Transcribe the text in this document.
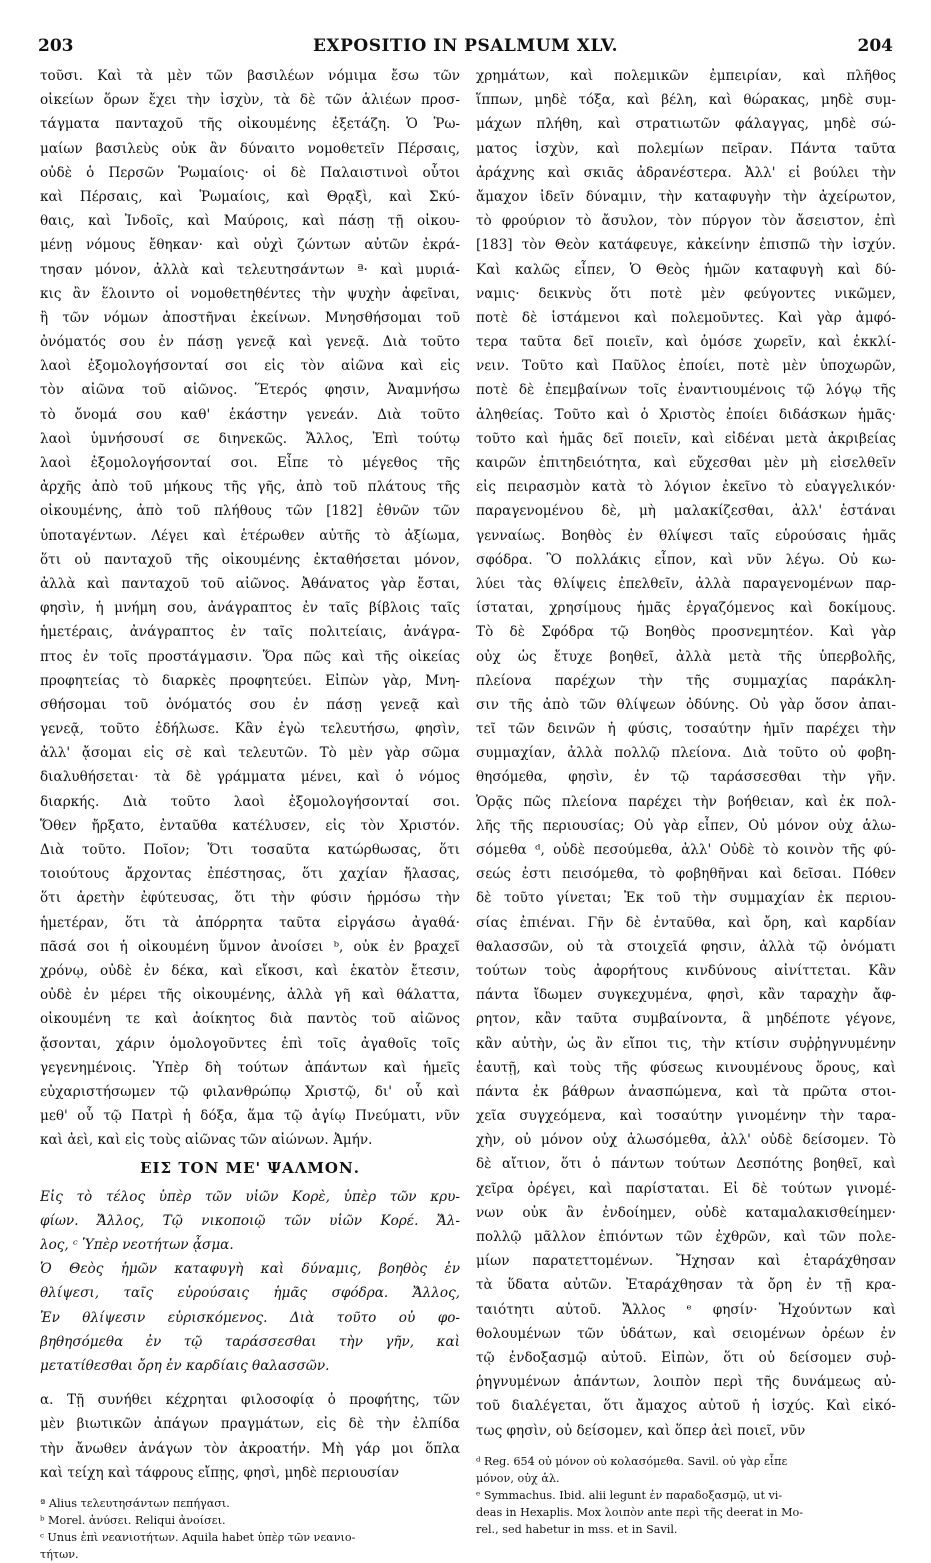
203	EXPOSITIO IN PSALMUM XLV.	204
τοῦσι. Καὶ τὰ μὲν τῶν βασιλέων νόμιμα ἔσω τῶν
οἰκείων ὅρων ἔχει τὴν ἰσχὺν, τὰ δὲ τῶν ἁλιέων προσ-
τάγματα πανταχοῦ τῆς οἰκουμένης ἐξετάζη. Ὁ Ῥω-
μαίων βασιλεὺς οὐκ ἂν δύναιτο νομοθετεῖν Πέρσαις,
οὐδὲ ὁ Περσῶν Ῥωμαίοις· οἱ δὲ Παλαιστινοὶ οὗτοι
καὶ Πέρσαις, καὶ Ῥωμαίοις, καὶ Θρᾳξὶ, καὶ Σκύ-
θαις, καὶ Ἰνδοῖς, καὶ Μαύροις, καὶ πάσῃ τῇ οἰκου-
μένῃ νόμους ἔθηκαν· καὶ οὐχὶ ζώντων αὐτῶν ἐκρά-
τησαν μόνον, ἀλλὰ καὶ τελευτησάντων ª· καὶ μυριά-
κις ἂν ἕλοιντο οἱ νομοθετηθέντες τὴν ψυχὴν ἀφεῖναι,
ἢ τῶν νόμων ἀποστῆναι ἐκείνων. Μνησθήσομαι τοῦ
ὀνόματός σου ἐν πάσῃ γενεᾷ καὶ γενεᾷ. Διὰ τοῦτο
λαοὶ ἐξομολογήσονταί σοι εἰς τὸν αἰῶνα καὶ εἰς
τὸν αἰῶνα τοῦ αἰῶνος. Ἕτερός φησιν, Ἀναμνήσω
τὸ ὄνομά σου καθ' ἑκάστην γενεάν. Διὰ τοῦτο
λαοὶ ὑμνήσουσί σε διηνεκῶς. Ἄλλος, Ἐπὶ τούτῳ
λαοὶ ἐξομολογήσονταί σοι. Εἶπε τὸ μέγεθος τῆς
ἀρχῆς ἀπὸ τοῦ μήκους τῆς γῆς, ἀπὸ τοῦ πλάτους τῆς
οἰκουμένης, ἀπὸ τοῦ πλήθους τῶν [182] ἐθνῶν τῶν
ὑποταγέντων. Λέγει καὶ ἑτέρωθεν αὐτῆς τὸ ἀξίωμα,
ὅτι οὐ πανταχοῦ τῆς οἰκουμένης ἐκταθήσεται μόνον,
ἀλλὰ καὶ πανταχοῦ τοῦ αἰῶνος. Ἀθάνατος γὰρ ἔσται,
φησὶν, ἡ μνήμη σου, ἀνάγραπτος ἐν ταῖς βίβλοις ταῖς
ἡμετέραις, ἀνάγραπτος ἐν ταῖς πολιτείαις, ἀνάγρα-
πτος ἐν τοῖς προστάγμασιν. Ὅρα πῶς καὶ τῆς οἰκείας
προφητείας τὸ διαρκὲς προφητεύει. Εἰπὼν γὰρ, Μνη-
σθήσομαι τοῦ ὀνόματός σου ἐν πάσῃ γενεᾷ καὶ
γενεᾷ, τοῦτο ἐδήλωσε. Κἂν ἐγὼ τελευτήσω, φησὶν,
ἀλλ' ᾄσομαι εἰς σὲ καὶ τελευτῶν. Τὸ μὲν γὰρ σῶμα
διαλυθήσεται· τὰ δὲ γράμματα μένει, καὶ ὁ νόμος
διαρκής. Διὰ τοῦτο λαοὶ ἐξομολογήσονταί σοι.
Ὅθεν ἤρξατο, ἐνταῦθα κατέλυσεν, εἰς τὸν Χριστόν.
Διὰ τοῦτο. Ποῖον; Ὅτι τοσαῦτα κατώρθωσας, ὅτι
τοιούτους ἄρχοντας ἐπέστησας, ὅτι χαχίαν ἤλασας,
ὅτι ἀρετὴν ἐφύτευσας, ὅτι τὴν φύσιν ἡρμόσω τὴν
ἡμετέραν, ὅτι τὰ ἀπόρρητα ταῦτα εἰργάσω ἀγαθά·
πᾶσά σοι ἡ οἰκουμένη ὕμνον ἀνοίσει ᵇ, οὐκ ἐν βραχεῖ
χρόνῳ, οὐδὲ ἐν δέκα, καὶ εἴκοσι, καὶ ἑκατὸν ἔτεσιν,
οὐδὲ ἐν μέρει τῆς οἰκουμένης, ἀλλὰ γῆ καὶ θάλαττα,
οἰκουμένη τε καὶ ἀοίκητος διὰ παντὸς τοῦ αἰῶνος
ᾄσονται, χάριν ὁμολογοῦντες ἐπὶ τοῖς ἀγαθοῖς τοῖς
γεγενημένοις. Ὑπὲρ δὴ τούτων ἁπάντων καὶ ἡμεῖς
εὐχαριστήσωμεν τῷ φιλανθρώπῳ Χριστῷ, δι' οὗ καὶ
μεθ' οὗ τῷ Πατρὶ ἡ δόξα, ἅμα τῷ ἁγίῳ Πνεύματι, νῦν
καὶ ἀεὶ, καὶ εἰς τοὺς αἰῶνας τῶν αἰώνων. Ἀμήν.
ΕΙΣ ΤΟΝ ΜΕ' ΨΑΛΜΟΝ.
Εἰς τὸ τέλος ὑπὲρ τῶν υἱῶν Κορὲ, ὑπὲρ τῶν κρυ-
φίων. Ἄλλος, Τῷ νικοποιῷ τῶν υἱῶν Κορέ. Ἄλ-
λος, ᶜ Ὑπὲρ νεοτήτων ᾆσμα.
Ὁ Θεὸς ἡμῶν καταφυγὴ καὶ δύναμις, βοηθὸς ἐν
θλίψεσι, ταῖς εὑρούσαις ἡμᾶς σφόδρα. Ἄλλος,
Ἐν θλίψεσιν εὑρισκόμενος. Διὰ τοῦτο οὐ φο-
βηθησόμεθα ἐν τῷ ταράσσεσθαι τὴν γῆν, καὶ
μετατίθεσθαι ὄρη ἐν καρδίαις θαλασσῶν.
α. Τῇ συνήθει κέχρηται φιλοσοφίᾳ ὁ προφήτης, τῶν
μὲν βιωτικῶν ἀπάγων πραγμάτων, εἰς δὲ τὴν ἐλπίδα
τὴν ἄνωθεν ἀνάγων τὸν ἀκροατήν. Μὴ γάρ μοι ὅπλα
καὶ τείχη καὶ τάφρους εἴπῃς, φησὶ, μηδὲ περιουσίαν
ª Alius τελευτησάντων πεπήγασι.
ᵇ Morel. ἀνύσει. Reliqui ἀνοίσει.
ᶜ Unus ἐπὶ νεανιοτήτων. Aquila habet ὑπὲρ τῶν νεανιο-
τήτων.
χρημάτων, καὶ πολεμικῶν ἐμπειρίαν, καὶ πλῆθος
ἵππων, μηδὲ τόξα, καὶ βέλη, καὶ θώρακας, μηδὲ συμ-
μάχων πλήθη, καὶ στρατιωτῶν φάλαγγας, μηδὲ σώ-
ματος ἰσχὺν, καὶ πολεμίων πεῖραν. Πάντα ταῦτα
ἀράχνης καὶ σκιᾶς ἀδρανέστερα. Ἀλλ' εἰ βούλει τὴν
ἄμαχον ἰδεῖν δύναμιν, τὴν καταφυγὴν τὴν ἀχείρωτον,
τὸ φρούριον τὸ ἄσυλον, τὸν πύργον τὸν ἄσειστον, ἐπὶ
[183] τὸν Θεὸν κατάφευγε, κἀκείνην ἐπισπῶ τὴν ἰσχύν.
Καὶ καλῶς εἶπεν, Ὁ Θεὸς ἡμῶν καταφυγὴ καὶ δύ-
ναμις· δεικνὺς ὅτι ποτὲ μὲν φεύγοντες νικῶμεν,
ποτὲ δὲ ἱστάμενοι καὶ πολεμοῦντες. Καὶ γὰρ ἀμφό-
τερα ταῦτα δεῖ ποιεῖν, καὶ ὁμόσε χωρεῖν, καὶ ἐκκλί-
νειν. Τοῦτο καὶ Παῦλος ἐποίει, ποτὲ μὲν ὑποχωρῶν,
ποτὲ δὲ ἐπεμβαίνων τοῖς ἐναντιουμένοις τῷ λόγῳ τῆς
ἀληθείας. Τοῦτο καὶ ὁ Χριστὸς ἐποίει διδάσκων ἡμᾶς·
τοῦτο καὶ ἡμᾶς δεῖ ποιεῖν, καὶ εἰδέναι μετὰ ἀκριβείας
καιρῶν ἐπιτηδειότητα, καὶ εὔχεσθαι μὲν μὴ εἰσελθεῖν
εἰς πειρασμὸν κατὰ τὸ λόγιον ἐκεῖνο τὸ εὐαγγελικόν·
παραγενομένου δὲ, μὴ μαλακίζεσθαι, ἀλλ' ἑστάναι
γενναίως. Βοηθὸς ἐν θλίψεσι ταῖς εὑρούσαις ἡμᾶς
σφόδρα. Ὃ πολλάκις εἶπον, καὶ νῦν λέγω. Οὐ κω-
λύει τὰς θλίψεις ἐπελθεῖν, ἀλλὰ παραγενομένων παρ-
ίσταται, χρησίμους ἡμᾶς ἐργαζόμενος καὶ δοκίμους.
Τὸ δὲ Σφόδρα τῷ Βοηθὸς προσνεμητέον. Καὶ γὰρ
οὐχ ὡς ἔτυχε βοηθεῖ, ἀλλὰ μετὰ τῆς ὑπερβολῆς,
πλείονα παρέχων τὴν τῆς συμμαχίας παράκλη-
σιν τῆς ἀπὸ τῶν θλίψεων ὀδύνης. Οὐ γὰρ ὅσον ἀπαι-
τεῖ τῶν δεινῶν ἡ φύσις, τοσαύτην ἡμῖν παρέχει τὴν
συμμαχίαν, ἀλλὰ πολλῷ πλείονα. Διὰ τοῦτο οὐ φοβη-
θησόμεθα, φησὶν, ἐν τῷ ταράσσεσθαι τὴν γῆν.
Ὁρᾷς πῶς πλείονα παρέχει τὴν βοήθειαν, καὶ ἐκ πολ-
λῆς τῆς περιουσίας; Οὐ γὰρ εἶπεν, Οὐ μόνον οὐχ ἁλω-
σόμεθα ᵈ, οὐδὲ πεσούμεθα, ἀλλ' Οὐδὲ τὸ κοινὸν τῆς φύ-
σεώς ἐστι πεισόμεθα, τὸ φοβηθῆναι καὶ δεῖσαι. Πόθεν
δὲ τοῦτο γίνεται; Ἐκ τοῦ τὴν συμμαχίαν ἐκ περιου-
σίας ἐπιέναι. Γῆν δὲ ἐνταῦθα, καὶ ὄρη, καὶ καρδίαν
θαλασσῶν, οὐ τὰ στοιχεῖά φησιν, ἀλλὰ τῷ ὀνόματι
τούτων τοὺς ἀφορήτους κινδύνους αἰνίττεται. Κἂν
πάντα ἴδωμεν συγκεχυμένα, φησὶ, κἂν ταραχὴν ἄφ-
ρητον, κἂν ταῦτα συμβαίνοντα, ἃ μηδέποτε γέγονε,
κἂν αὐτὴν, ὡς ἂν εἴποι τις, τὴν κτίσιν συῤῥηγνυμένην
ἑαυτῇ, καὶ τοὺς τῆς φύσεως κινουμένους ὅρους, καὶ
πάντα ἐκ βάθρων ἀνασπώμενα, καὶ τὰ πρῶτα στοι-
χεῖα συγχεόμενα, καὶ τοσαύτην γινομένην τὴν ταρα-
χὴν, οὐ μόνον οὐχ ἁλωσόμεθα, ἀλλ' οὐδὲ δείσομεν. Τὸ
δὲ αἴτιον, ὅτι ὁ πάντων τούτων Δεσπότης βοηθεῖ, καὶ
χεῖρα ὀρέγει, καὶ παρίσταται. Εἰ δὲ τούτων γινομέ-
νων οὐκ ἂν ἐνδοίημεν, οὐδὲ καταμαλακισθείημεν·
πολλῷ μᾶλλον ἐπιόντων τῶν ἐχθρῶν, καὶ τῶν πολε-
μίων παρατεττομένων. Ἤχησαν καὶ ἐταράχθησαν
τὰ ὕδατα αὐτῶν. Ἐταράχθησαν τὰ ὄρη ἐν τῇ κρα-
ταιότητι αὐτοῦ. Ἄλλος ᵉ φησίν· Ἠχούντων καὶ
θολουμένων τῶν ὑδάτων, καὶ σειομένων ὀρέων ἐν
τῷ ἐνδοξασμῷ αὐτοῦ. Εἰπὼν, ὅτι οὐ δείσομεν συῤ-
ῥηγνυμένων ἁπάντων, λοιπὸν περὶ τῆς δυνάμεως αὐ-
τοῦ διαλέγεται, ὅτι ἄμαχος αὐτοῦ ἡ ἰσχύς. Καὶ εἰκό-
τως φησὶν, οὐ δείσομεν, καὶ ὅπερ ἀεὶ ποιεῖ, νῦν
ᵈ Reg. 654 οὐ μόνον οὐ κολασόμεθα. Savil. οὐ γὰρ εἶπε
μόνον, οὐχ ἁλ.
ᵉ Symmachus. Ibid. alii legunt ἐν παραδοξασμῷ, ut vi-
deas in Hexaplis. Mox λοιπὸν ante περὶ τῆς deerat in Mo-
rel., sed habetur in mss. et in Savil.
